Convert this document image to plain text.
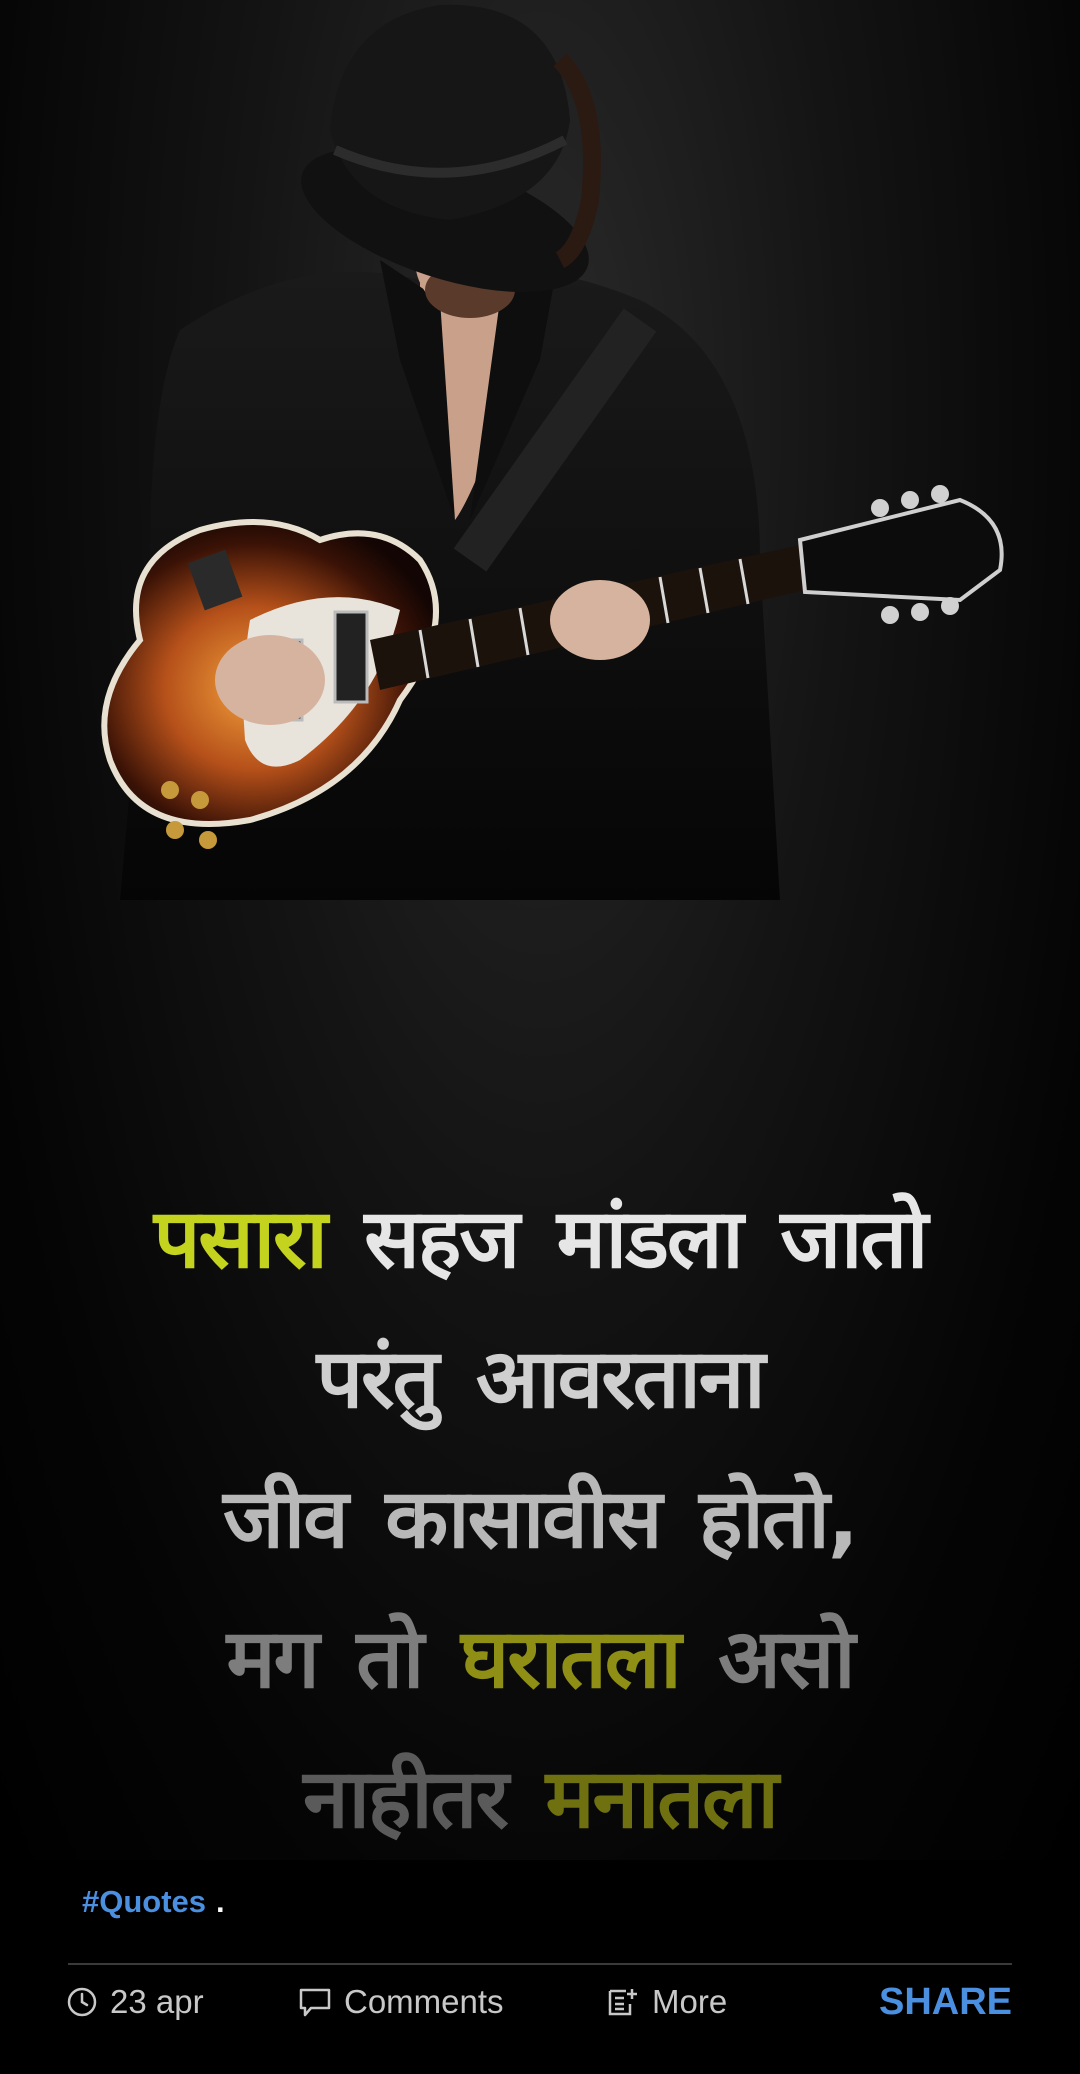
पसारा सहज मांडला जातो
परंतु आवरताना
जीव कासावीस होतो,
मग तो घरातला असो
नाहीतर मनातला
#Quotes .
23 apr	Comments	More	SHARE
